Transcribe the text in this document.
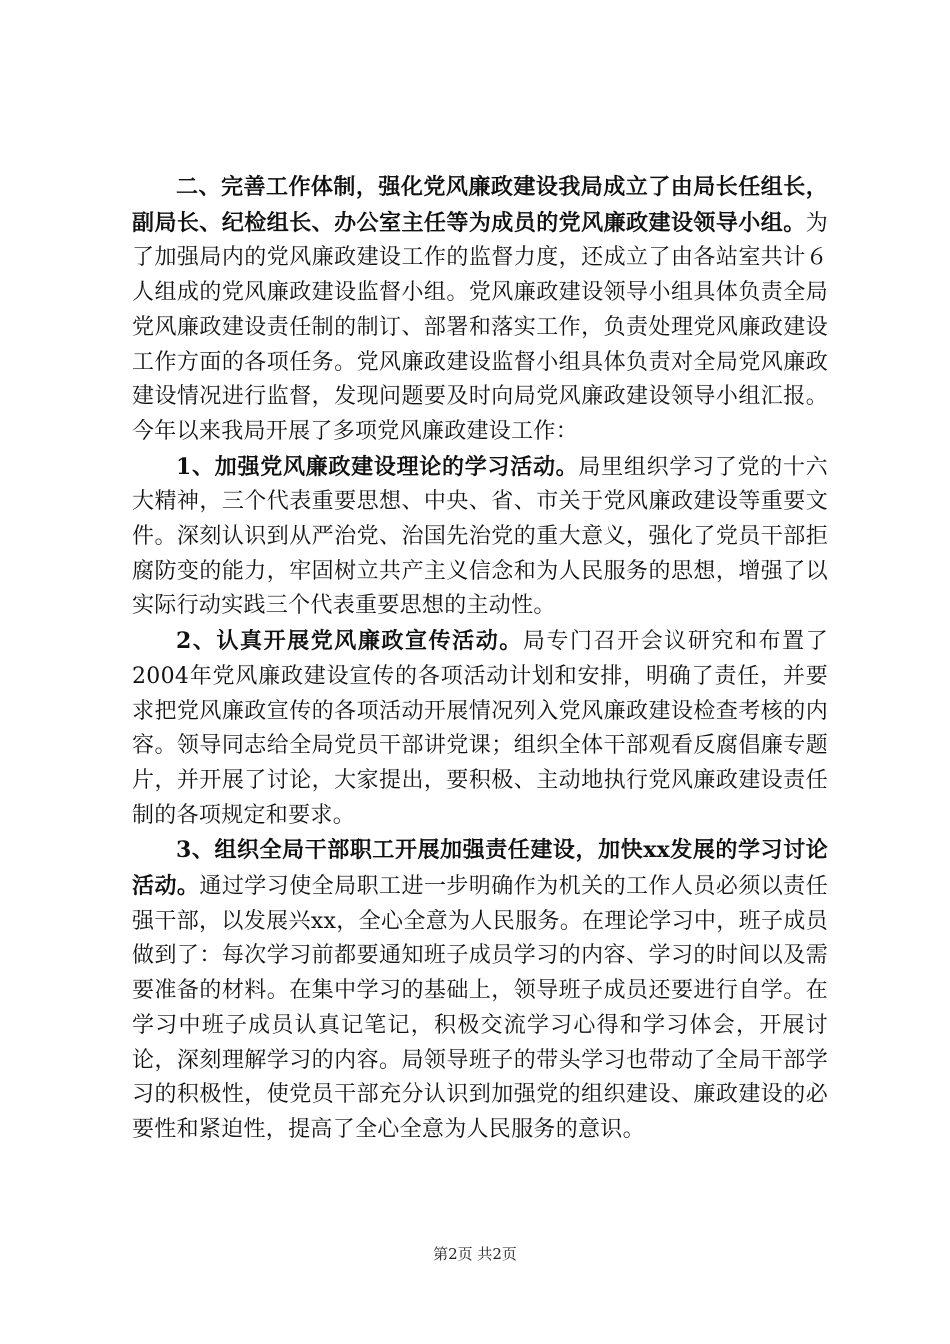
二、完善工作体制，强化党风廉政建设我局成立了由局长任组长，副局长、纪检组长、办公室主任等为成员的党风廉政建设领导小组。为了加强局内的党风廉政建设工作的监督力度，还成立了由各站室共计６人组成的党风廉政建设监督小组。党风廉政建设领导小组具体负责全局党风廉政建设责任制的制订、部署和落实工作，负责处理党风廉政建设工作方面的各项任务。党风廉政建设监督小组具体负责对全局党风廉政建设情况进行监督，发现问题要及时向局党风廉政建设领导小组汇报。今年以来我局开展了多项党风廉政建设工作：

1、加强党风廉政建设理论的学习活动。局里组织学习了党的十六大精神，三个代表重要思想、中央、省、市关于党风廉政建设等重要文件。深刻认识到从严治党、治国先治党的重大意义，强化了党员干部拒腐防变的能力，牢固树立共产主义信念和为人民服务的思想，增强了以实际行动实践三个代表重要思想的主动性。

2、认真开展党风廉政宣传活动。局专门召开会议研究和布置了2004年党风廉政建设宣传的各项活动计划和安排，明确了责任，并要求把党风廉政宣传的各项活动开展情况列入党风廉政建设检查考核的内容。领导同志给全局党员干部讲党课；组织全体干部观看反腐倡廉专题片，并开展了讨论，大家提出，要积极、主动地执行党风廉政建设责任制的各项规定和要求。

3、组织全局干部职工开展加强责任建设，加快xx发展的学习讨论活动。通过学习使全局职工进一步明确作为机关的工作人员必须以责任强干部，以发展兴xx，全心全意为人民服务。在理论学习中，班子成员做到了：每次学习前都要通知班子成员学习的内容、学习的时间以及需要准备的材料。在集中学习的基础上，领导班子成员还要进行自学。在学习中班子成员认真记笔记，积极交流学习心得和学习体会，开展讨论，深刻理解学习的内容。局领导班子的带头学习也带动了全局干部学习的积极性，使党员干部充分认识到加强党的组织建设、廉政建设的必要性和紧迫性，提高了全心全意为人民服务的意识。

第2页 共2页
